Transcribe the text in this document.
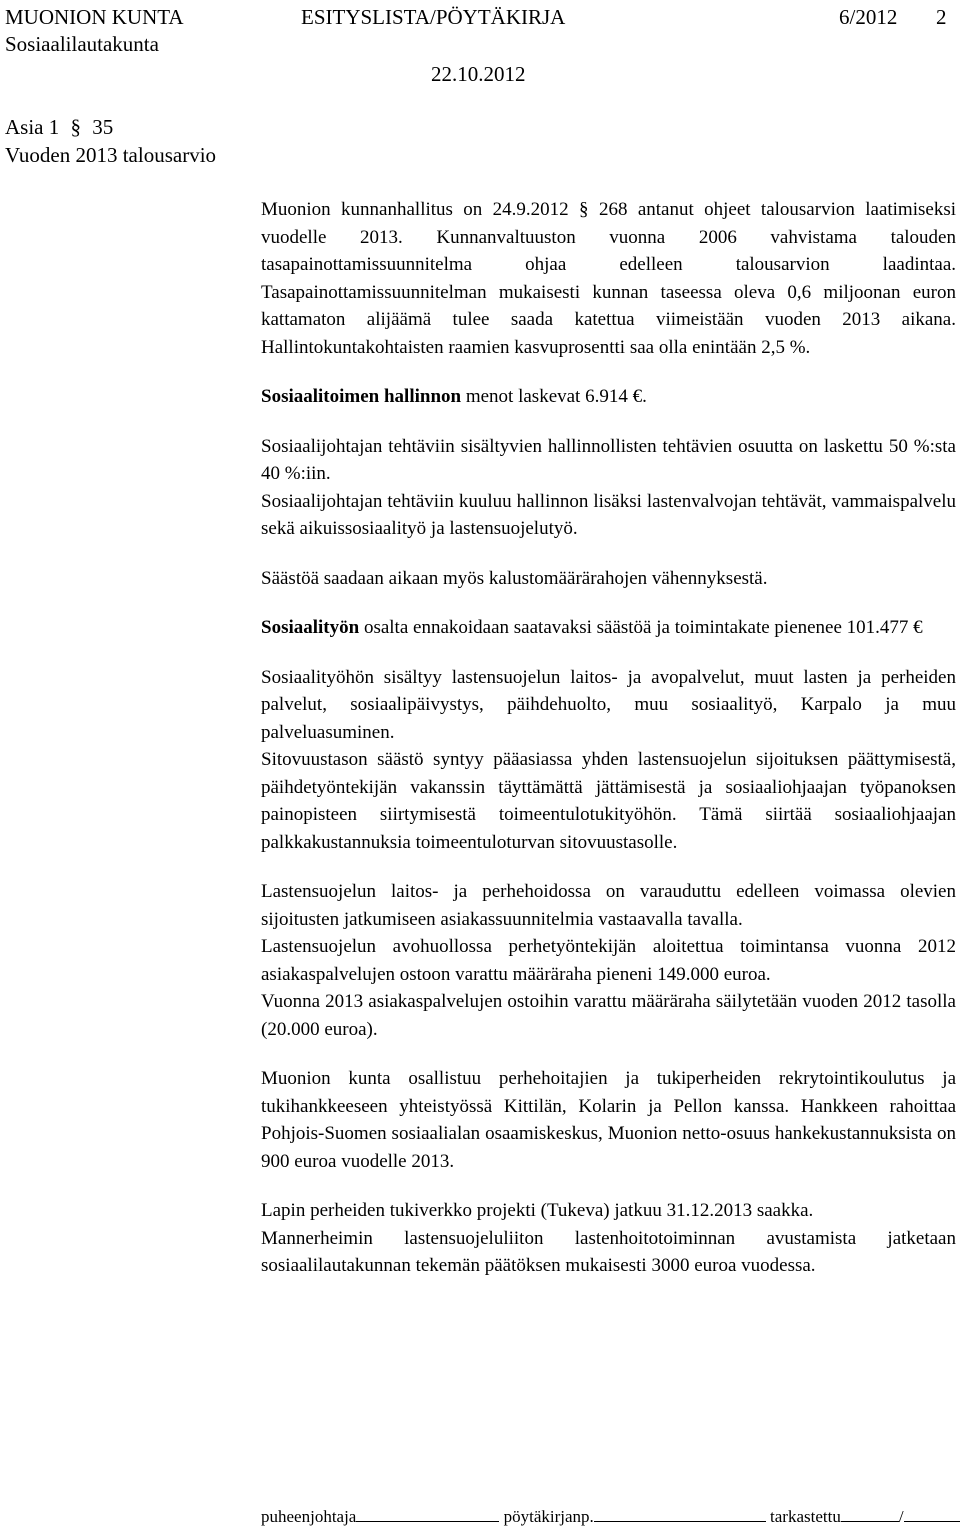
MUONION KUNTA	ESITYSLISTA/PÖYTÄKIRJA	6/2012 2
Sosiaalilautakunta
22.10.2012
Asia 1 § 35
Vuoden 2013 talousarvio

Muonion kunnanhallitus on 24.9.2012 § 268 antanut ohjeet talousarvion laatimiseksi vuodelle 2013. Kunnanvaltuuston vuonna 2006 vahvistama talouden tasapainottamissuunnitelma ohjaa edelleen talousarvion laadintaa. Tasapainottamissuunnitelman mukaisesti kunnan taseessa oleva 0,6 miljoonan euron kattamaton alijäämä tulee saada katettua viimeistään vuoden 2013 aikana. Hallintokuntakohtaisten raamien kasvuprosentti saa olla enintään 2,5 %.

Sosiaalitoimen hallinnon menot laskevat 6.914 €.

Sosiaalijohtajan tehtäviin sisältyvien hallinnollisten tehtävien osuutta on laskettu 50 %:sta 40 %:iin.

Sosiaalijohtajan tehtäviin kuuluu hallinnon lisäksi lastenvalvojan tehtävät, vammaispalvelu sekä aikuissosiaalityö ja lastensuojelutyö.

Säästöä saadaan aikaan myös kalustomäärärahojen vähennyksestä.

Sosiaalityön osalta ennakoidaan saatavaksi säästöä ja toimintakate pienenee 101.477 €

Sosiaalityöhön sisältyy lastensuojelun laitos- ja avopalvelut, muut lasten ja perheiden palvelut, sosiaalipäivystys, päihdehuolto, muu sosiaalityö, Karpalo ja muu palveluasuminen.

Sitovuustason säästö syntyy pääasiassa yhden lastensuojelun sijoituksen päättymisestä, päihdetyöntekijän vakanssin täyttämättä jättämisestä ja sosiaaliohjaajan työpanoksen painopisteen siirtymisestä toimeentulotukityöhön. Tämä siirtää sosiaaliohjaajan palkkakustannuksia toimeentuloturvan sitovuustasolle.

Lastensuojelun laitos- ja perhehoidossa on varauduttu edelleen voimassa olevien sijoitusten jatkumiseen asiakassuunnitelmia vastaavalla tavalla.

Lastensuojelun avohuollossa perhetyöntekijän aloitettua toimintansa vuonna 2012 asiakaspalvelujen ostoon varattu määräraha pieneni 149.000 euroa.

Vuonna 2013 asiakaspalvelujen ostoihin varattu määräraha säilytetään vuoden 2012 tasolla (20.000 euroa).

Muonion kunta osallistuu perhehoitajien ja tukiperheiden rekrytointikoulutus ja tukihankkeeseen yhteistyössä Kittilän, Kolarin ja Pellon kanssa. Hankkeen rahoittaa Pohjois-Suomen sosiaalialan osaamiskeskus, Muonion netto-osuus hankekustannuksista on 900 euroa vuodelle 2013.

Lapin perheiden tukiverkko projekti (Tukeva) jatkuu 31.12.2013 saakka.

Mannerheimin lastensuojeluliiton lastenhoitotoiminnan avustamista jatketaan sosiaalilautakunnan tekemän päätöksen mukaisesti 3000 euroa vuodessa.

puheenjohtaja	pöytäkirjanp.	tarkastettu	/
